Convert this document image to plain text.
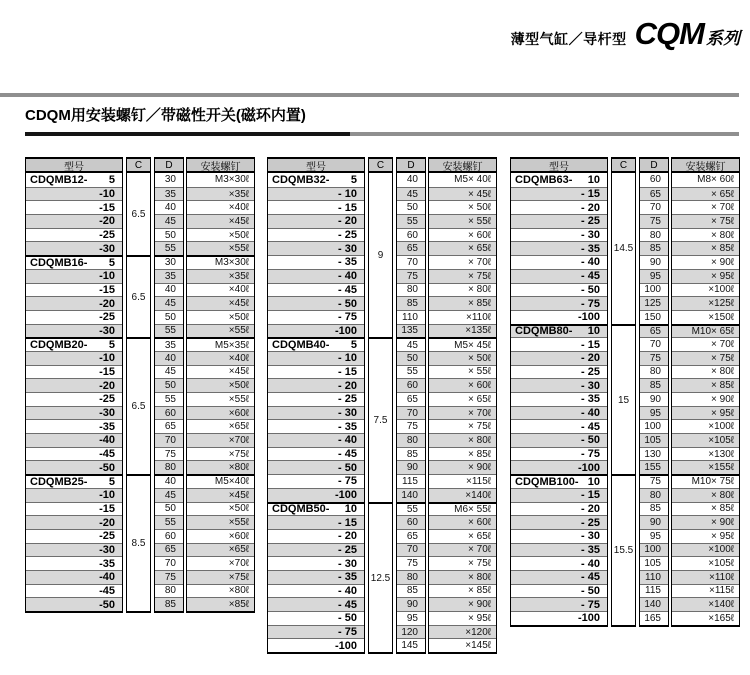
薄型气缸／导杆型 CQM 系列
CDQM用安装螺钉／带磁性开关(磁环内置)
型号
CDQMB12- 5
-10
-15
-20
-25
-30
CDQMB16- 5
-10
-15
-20
-25
-30
CDQMB20- 5
-10
-15
-20
-25
-30
-35
-40
-45
-50
CDQMB25- 5
-10
-15
-20
-25
-30
-35
-40
-45
-50
C
6.5
6.5
6.5
8.5
D
30
35
40
45
50
55
30
35
40
45
50
55
35
40
45
50
55
60
65
70
75
80
40
45
50
55
60
65
70
75
80
85
安装螺钉
M3×30ℓ
×35ℓ
×40ℓ
×45ℓ
×50ℓ
×55ℓ
M3×30ℓ
×35ℓ
×40ℓ
×45ℓ
×50ℓ
×55ℓ
M5×35ℓ
×40ℓ
×45ℓ
×50ℓ
×55ℓ
×60ℓ
×65ℓ
×70ℓ
×75ℓ
×80ℓ
M5×40ℓ
×45ℓ
×50ℓ
×55ℓ
×60ℓ
×65ℓ
×70ℓ
×75ℓ
×80ℓ
×85ℓ
型号
CDQMB32- 5
- 10
- 15
- 20
- 25
- 30
- 35
- 40
- 45
- 50
- 75
-100
CDQMB40- 5
- 10
- 15
- 20
- 25
- 30
- 35
- 40
- 45
- 50
- 75
-100
CDQMB50- 10
- 15
- 20
- 25
- 30
- 35
- 40
- 45
- 50
- 75
-100
C
9
7.5
12.5
D
40
45
50
55
60
65
70
75
80
85
110
135
45
50
55
60
65
70
75
80
85
90
115
140
55
60
65
70
75
80
85
90
95
120
145
安装螺钉
M5× 40ℓ
× 45ℓ
× 50ℓ
× 55ℓ
× 60ℓ
× 65ℓ
× 70ℓ
× 75ℓ
× 80ℓ
× 85ℓ
×110ℓ
×135ℓ
M5× 45ℓ
× 50ℓ
× 55ℓ
× 60ℓ
× 65ℓ
× 70ℓ
× 75ℓ
× 80ℓ
× 85ℓ
× 90ℓ
×115ℓ
×140ℓ
M6× 55ℓ
× 60ℓ
× 65ℓ
× 70ℓ
× 75ℓ
× 80ℓ
× 85ℓ
× 90ℓ
× 95ℓ
×120ℓ
×145ℓ
型号
CDQMB63- 10
- 15
- 20
- 25
- 30
- 35
- 40
- 45
- 50
- 75
-100
CDQMB80- 10
- 15
- 20
- 25
- 30
- 35
- 40
- 45
- 50
- 75
-100
CDQMB100- 10
- 15
- 20
- 25
- 30
- 35
- 40
- 45
- 50
- 75
-100
C
14.5
15
15.5
D
60
65
70
75
80
85
90
95
100
125
150
65
70
75
80
85
90
95
100
105
130
155
75
80
85
90
95
100
105
110
115
140
165
安装螺钉
M8× 60ℓ
× 65ℓ
× 70ℓ
× 75ℓ
× 80ℓ
× 85ℓ
× 90ℓ
× 95ℓ
×100ℓ
×125ℓ
×150ℓ
M10× 65ℓ
× 70ℓ
× 75ℓ
× 80ℓ
× 85ℓ
× 90ℓ
× 95ℓ
×100ℓ
×105ℓ
×130ℓ
×155ℓ
M10× 75ℓ
× 80ℓ
× 85ℓ
× 90ℓ
× 95ℓ
×100ℓ
×105ℓ
×110ℓ
×115ℓ
×140ℓ
×165ℓ
